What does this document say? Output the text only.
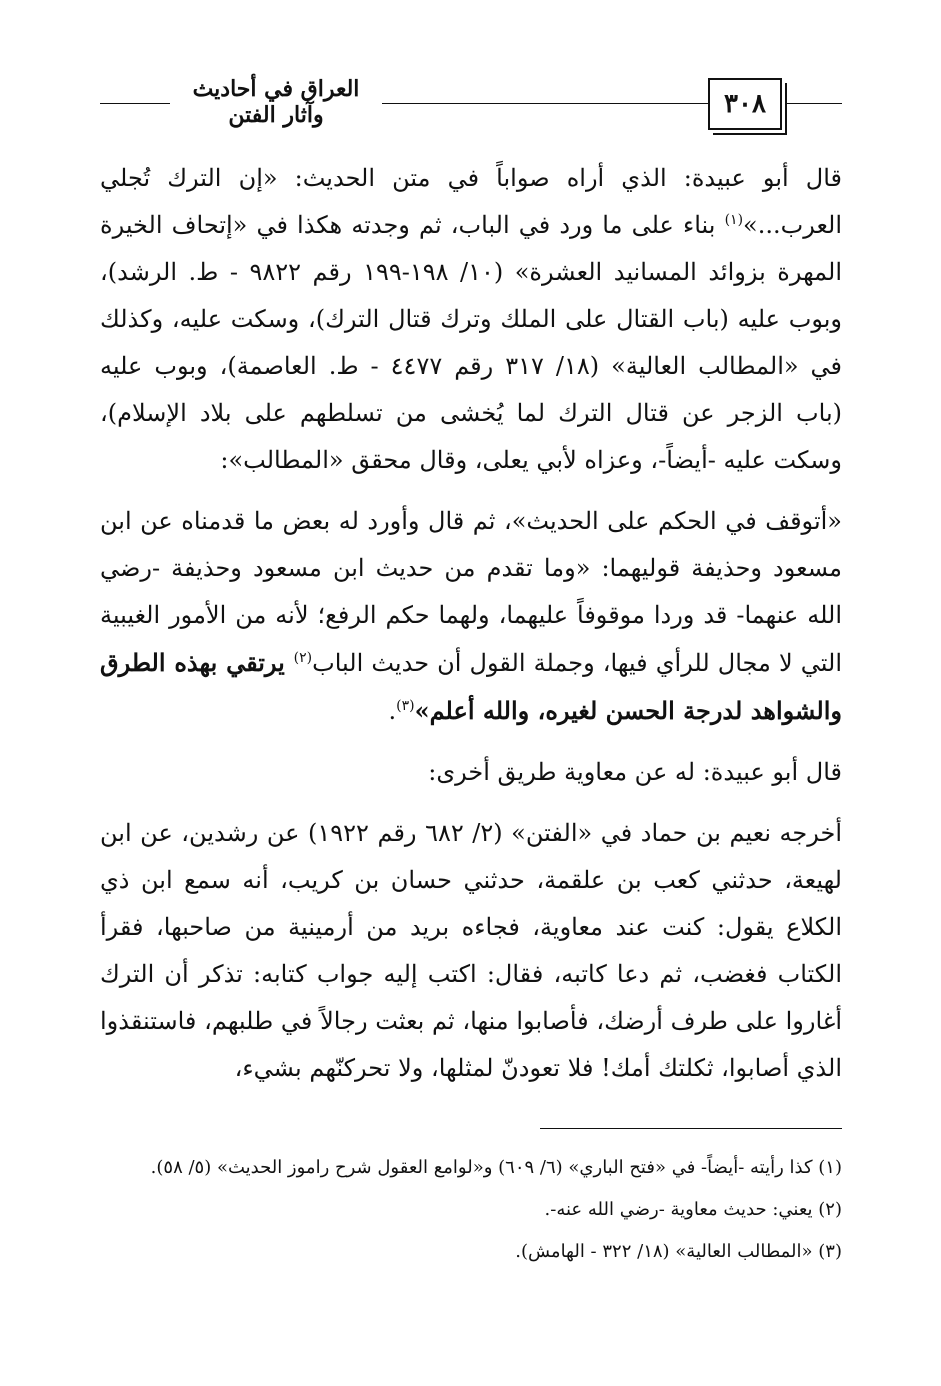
العراق في أحاديث وآثار الفتن	٣٠٨

قال أبو عبيدة: الذي أراه صواباً في متن الحديث: «إن الترك تُجلي العرب...»$^{(١)}$ بناء على ما ورد في الباب، ثم وجدته هكذا في «إتحاف الخيرة المهرة بزوائد المسانيد العشرة» (١٠/ ١٩٨-١٩٩ رقم ٩٨٢٢ - ط. الرشد)، وبوب عليه (باب القتال على الملك وترك قتال الترك)، وسكت عليه، وكذلك في «المطالب العالية» (١٨/ ٣١٧ رقم ٤٤٧٧ - ط. العاصمة)، وبوب عليه (باب الزجر عن قتال الترك لما يُخشى من تسلطهم على بلاد الإسلام)، وسكت عليه -أيضاً-، وعزاه لأبي يعلى، وقال محقق «المطالب»:

«أتوقف في الحكم على الحديث»، ثم قال وأورد له بعض ما قدمناه عن ابن مسعود وحذيفة قوليهما: «وما تقدم من حديث ابن مسعود وحذيفة -رضي الله عنهما- قد وردا موقوفاً عليهما، ولهما حكم الرفع؛ لأنه من الأمور الغيبية التي لا مجال للرأي فيها، وجملة القول أن حديث الباب$^{(٢)}$ يرتقي بهذه الطرق والشواهد لدرجة الحسن لغيره، والله أعلم»$^{(٣)}$.

قال أبو عبيدة: له عن معاوية طريق أخرى:

أخرجه نعيم بن حماد في «الفتن» (٢/ ٦٨٢ رقم ١٩٢٢) عن رشدين، عن ابن لهيعة، حدثني كعب بن علقمة، حدثني حسان بن كريب، أنه سمع ابن ذي الكلاع يقول: كنت عند معاوية، فجاءه بريد من أرمينية من صاحبها، فقرأ الكتاب فغضب، ثم دعا كاتبه، فقال: اكتب إليه جواب كتابه: تذكر أن الترك أغاروا على طرف أرضك، فأصابوا منها، ثم بعثت رجالاً في طلبهم، فاستنقذوا الذي أصابوا، ثكلتك أمك! فلا تعودنّ لمثلها، ولا تحركنّهم بشيء،

(١) كذا رأيته -أيضاً- في «فتح الباري» (٦/ ٦٠٩) و«لوامع العقول شرح راموز الحديث» (٥/ ٥٨).

(٢) يعني: حديث معاوية -رضي الله عنه-.

(٣) «المطالب العالية» (١٨/ ٣٢٢ - الهامش).
